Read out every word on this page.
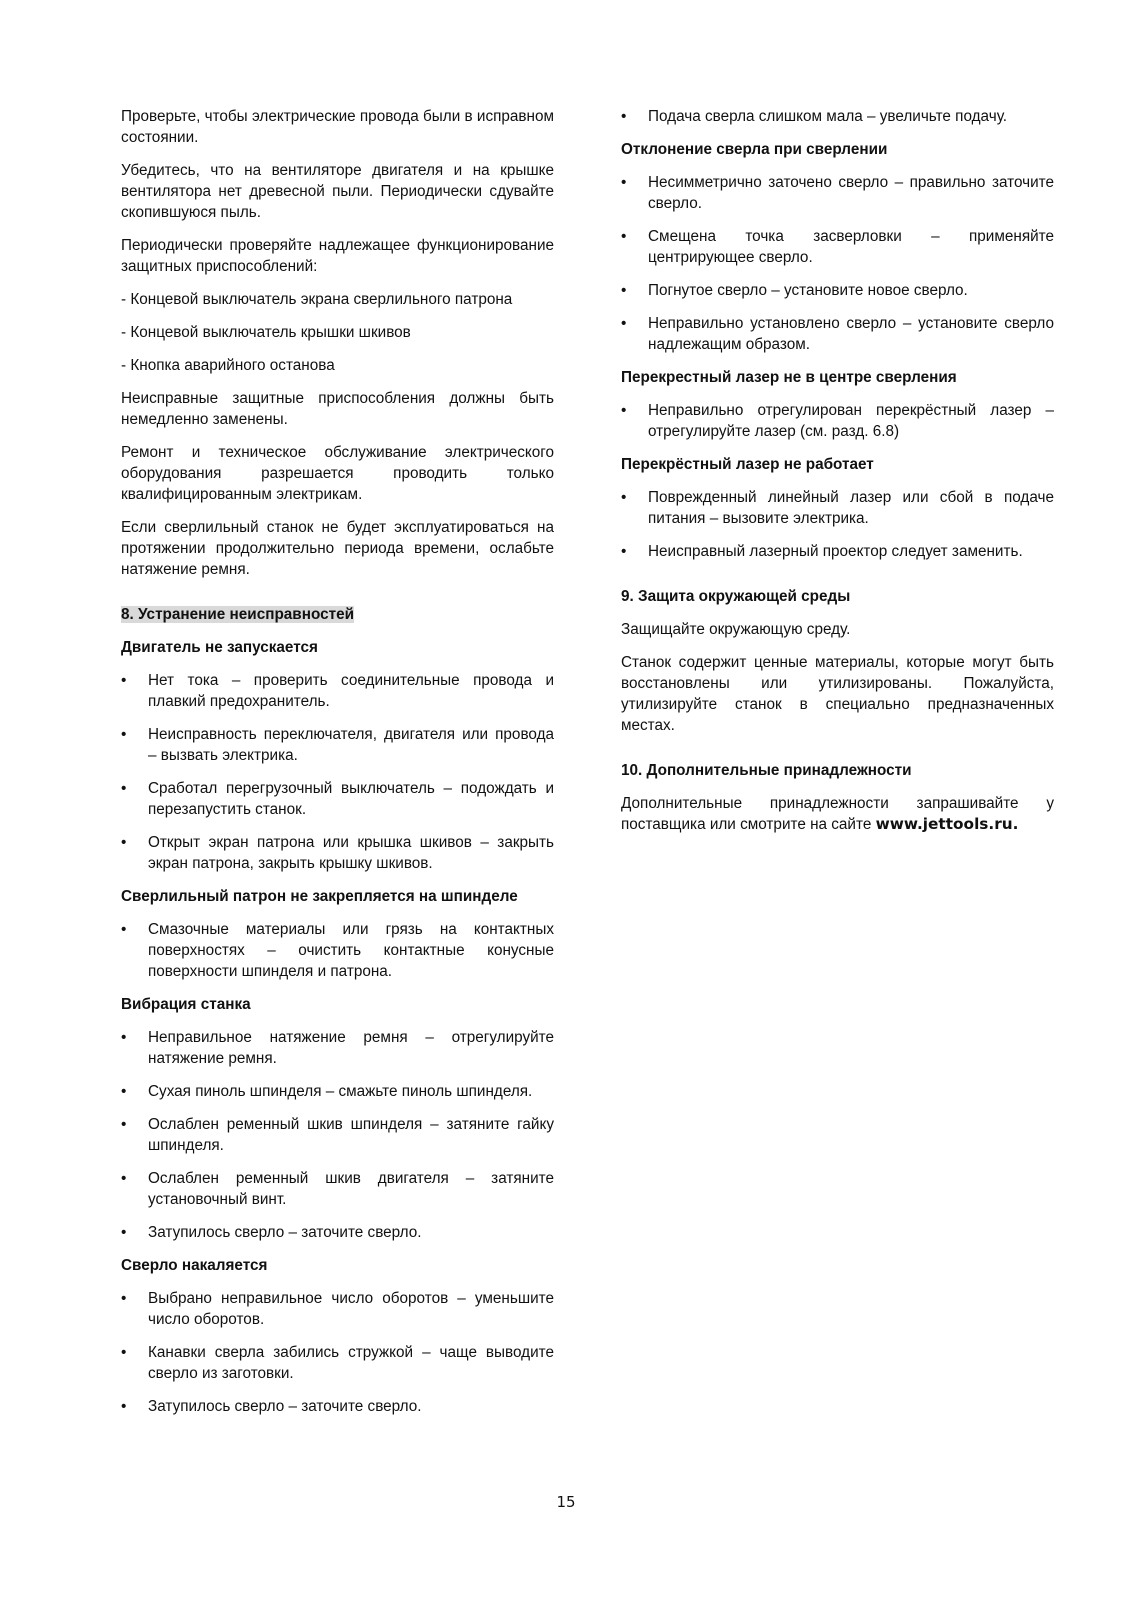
Проверьте, чтобы электрические провода были в исправном состоянии.

Убедитесь, что на вентиляторе двигателя и на крышке вентилятора нет древесной пыли. Периодически сдувайте скопившуюся пыль.

Периодически проверяйте надлежащее функционирование защитных приспособлений:

- Концевой выключатель экрана сверлильного патрона

- Концевой выключатель крышки шкивов

- Кнопка аварийного останова

Неисправные защитные приспособления должны быть немедленно заменены.

Ремонт и техническое обслуживание электрического оборудования разрешается проводить только квалифицированным электрикам.

Если сверлильный станок не будет эксплуатироваться на протяжении продолжительно периода времени, ослабьте натяжение ремня.

8. Устранение неисправностей
Двигатель не запускается
• Нет тока – проверить соединительные провода и плавкий предохранитель.
• Неисправность переключателя, двигателя или провода – вызвать электрика.
• Сработал перегрузочный выключатель – подождать и перезапустить станок.
• Открыт экран патрона или крышка шкивов – закрыть экран патрона, закрыть крышку шкивов.
Сверлильный патрон не закрепляется на шпинделе
• Смазочные материалы или грязь на контактных поверхностях – очистить контактные конусные поверхности шпинделя и патрона.
Вибрация станка
• Неправильное натяжение ремня – отрегулируйте натяжение ремня.
• Сухая пиноль шпинделя – смажьте пиноль шпинделя.
• Ослаблен ременный шкив шпинделя – затяните гайку шпинделя.
• Ослаблен ременный шкив двигателя – затяните установочный винт.
• Затупилось сверло – заточите сверло.
Сверло накаляется
• Выбрано неправильное число оборотов – уменьшите число оборотов.
• Канавки сверла забились стружкой – чаще выводите сверло из заготовки.
• Затупилось сверло – заточите сверло.
• Подача сверла слишком мала – увеличьте подачу.
Отклонение сверла при сверлении
• Несимметрично заточено сверло – правильно заточите сверло.
• Смещена точка засверловки – применяйте центрирующее сверло.
• Погнутое сверло – установите новое сверло.
• Неправильно установлено сверло – установите сверло надлежащим образом.
Перекрестный лазер не в центре сверления
• Неправильно отрегулирован перекрёстный лазер – отрегулируйте лазер (см. разд. 6.8)
Перекрёстный лазер не работает
• Поврежденный линейный лазер или сбой в подаче питания – вызовите электрика.
• Неисправный лазерный проектор следует заменить.
9. Защита окружающей среды

Защищайте окружающую среду.

Станок содержит ценные материалы, которые могут быть восстановлены или утилизированы. Пожалуйста, утилизируйте станок в специально предназначенных местах.

10. Дополнительные принадлежности

Дополнительные принадлежности запрашивайте у поставщика или смотрите на сайте www.jettools.ru.

15
